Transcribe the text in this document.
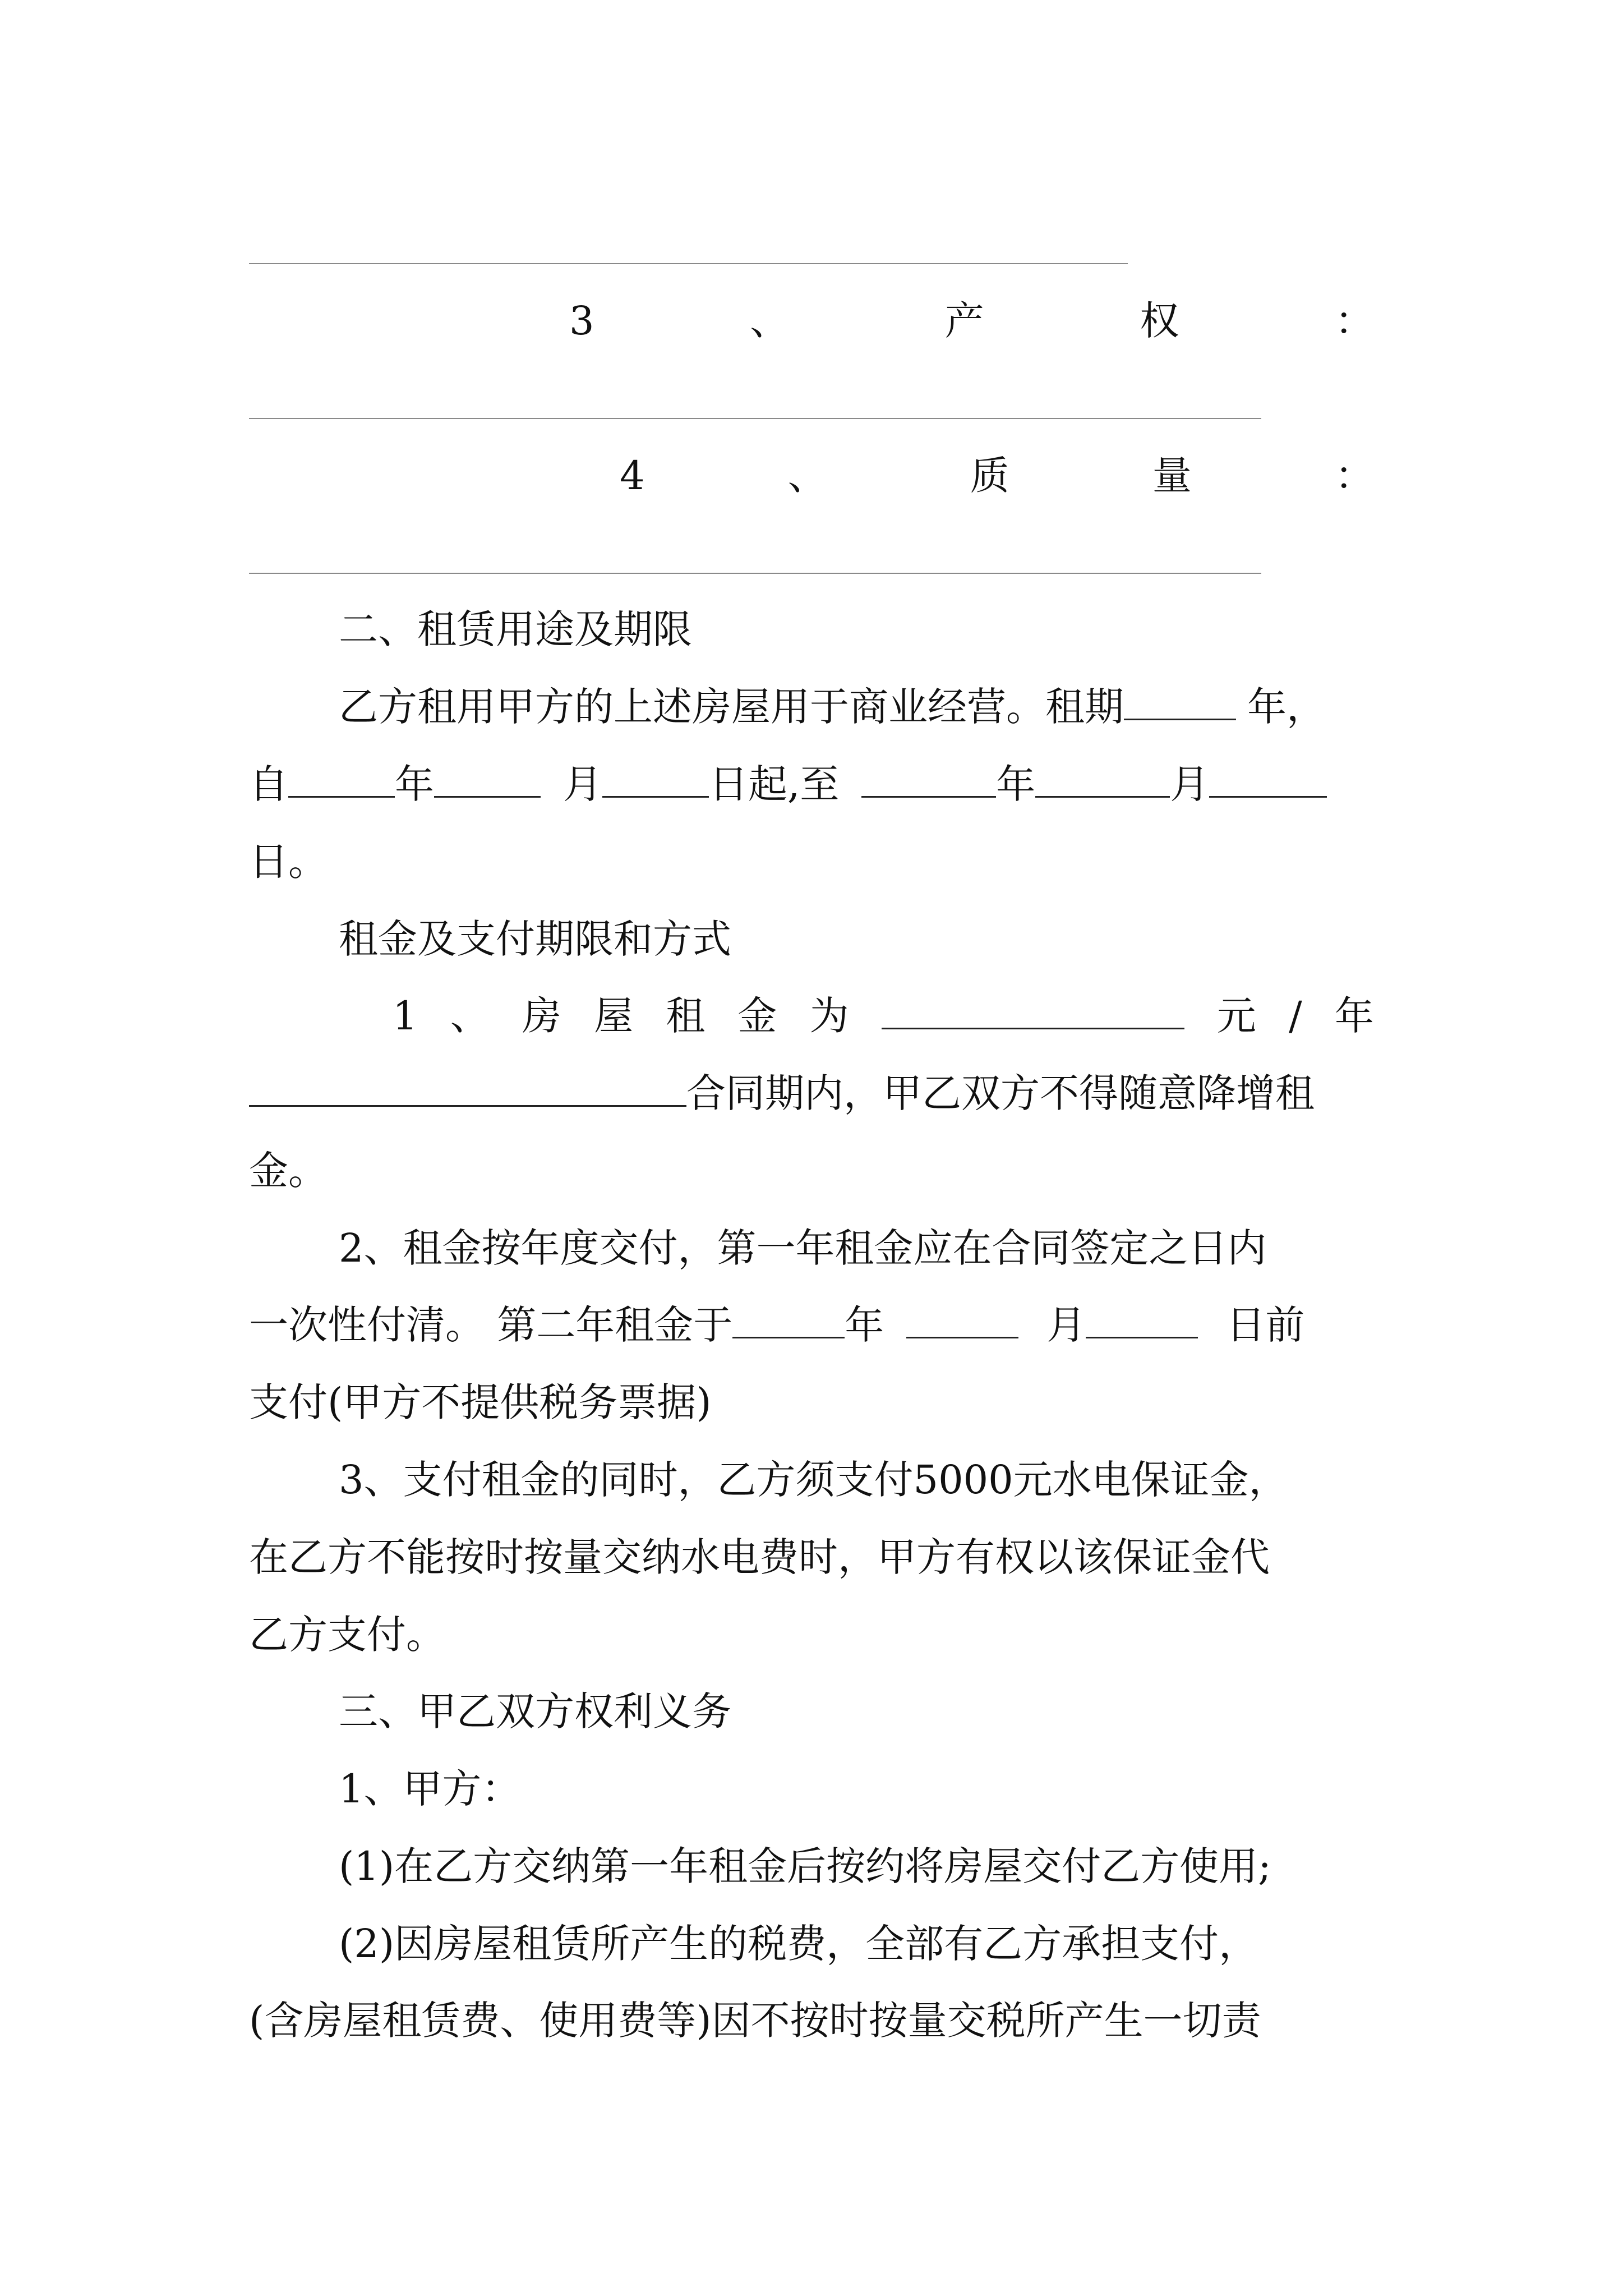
3	、	产	权	：
4	、	质	量	：
二、租赁用途及期限
乙方租用甲方的上述房屋用于商业经营。租期	年，
自	年	月	日起,至	年	月
日。
租金及支付期限和方式
1 、 房 屋 租 金 为	元 / 年
合同期内，甲乙双方不得随意降增租
金。
2、租金按年度交付，第一年租金应在合同签定之日内
一次性付清。 第二年租金于	年	月	日前
支付(甲方不提供税务票据)
3、支付租金的同时，乙方须支付5000元水电保证金，
在乙方不能按时按量交纳水电费时，甲方有权以该保证金代
乙方支付。
三、甲乙双方权利义务
1、甲方：
(1)在乙方交纳第一年租金后按约将房屋交付乙方使用;
(2)因房屋租赁所产生的税费，全部有乙方承担支付，
(含房屋租赁费、使用费等)因不按时按量交税所产生一切责
